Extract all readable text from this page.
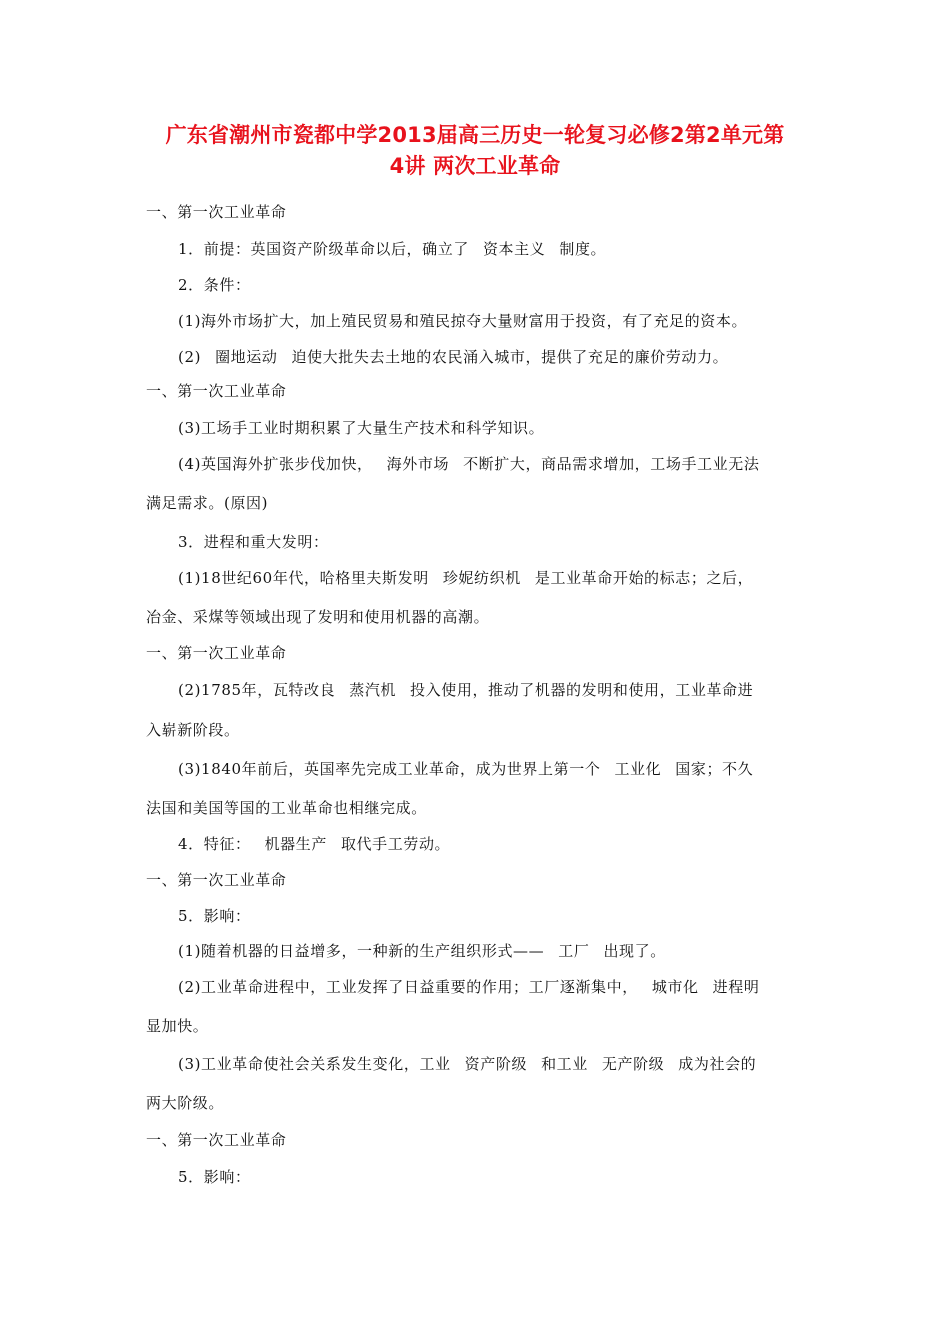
广东省潮州市瓷都中学2013届高三历史一轮复习必修2第2单元第
4讲 两次工业革命
一、第一次工业革命
1．前提：英国资产阶级革命以后，确立了 资本主义 制度。
2．条件：
(1)海外市场扩大，加上殖民贸易和殖民掠夺大量财富用于投资，有了充足的资本。
(2) 圈地运动 迫使大批失去土地的农民涌入城市，提供了充足的廉价劳动力。
一、第一次工业革命
(3)工场手工业时期积累了大量生产技术和科学知识。
(4)英国海外扩张步伐加快， 海外市场 不断扩大，商品需求增加，工场手工业无法
满足需求。(原因)
3．进程和重大发明：
(1)18世纪60年代，哈格里夫斯发明 珍妮纺织机 是工业革命开始的标志；之后，
冶金、采煤等领域出现了发明和使用机器的高潮。
一、第一次工业革命
(2)1785年，瓦特改良 蒸汽机 投入使用，推动了机器的发明和使用，工业革命进
入崭新阶段。
(3)1840年前后，英国率先完成工业革命，成为世界上第一个 工业化 国家；不久
法国和美国等国的工业革命也相继完成。
4．特征： 机器生产 取代手工劳动。
一、第一次工业革命
5．影响：
(1)随着机器的日益增多，一种新的生产组织形式—— 工厂 出现了。
(2)工业革命进程中，工业发挥了日益重要的作用；工厂逐渐集中， 城市化 进程明
显加快。
(3)工业革命使社会关系发生变化，工业 资产阶级 和工业 无产阶级 成为社会的
两大阶级。
一、第一次工业革命
5．影响：
